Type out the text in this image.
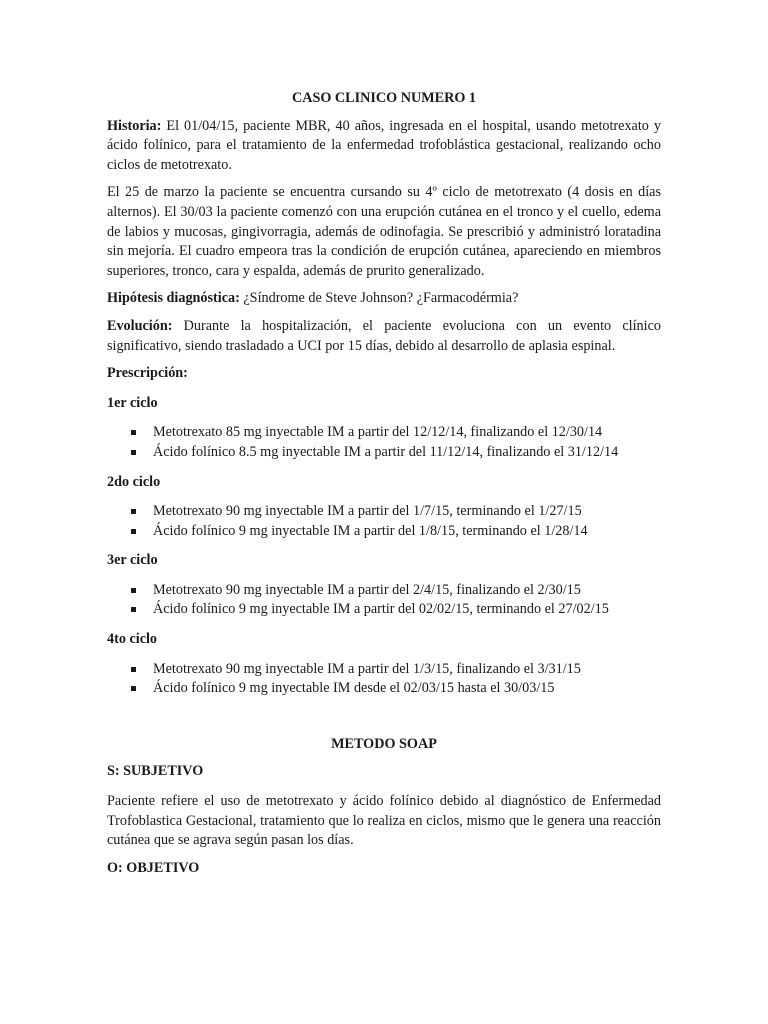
CASO CLINICO NUMERO 1

Historia: El 01/04/15, paciente MBR, 40 años, ingresada en el hospital, usando metotrexato y ácido folínico, para el tratamiento de la enfermedad trofoblástica gestacional, realizando ocho ciclos de metotrexato.

El 25 de marzo la paciente se encuentra cursando su 4º ciclo de metotrexato (4 dosis en días alternos). El 30/03 la paciente comenzó con una erupción cutánea en el tronco y el cuello, edema de labios y mucosas, gingivorragia, además de odinofagia. Se prescribió y administró loratadina sin mejoría. El cuadro empeora tras la condición de erupción cutánea, apareciendo en miembros superiores, tronco, cara y espalda, además de prurito generalizado.

Hipótesis diagnóstica: ¿Síndrome de Steve Johnson? ¿Farmacodérmia?

Evolución: Durante la hospitalización, el paciente evoluciona con un evento clínico significativo, siendo trasladado a UCI por 15 días, debido al desarrollo de aplasia espinal.

Prescripción:
1er ciclo
Metotrexato 85 mg inyectable IM a partir del 12/12/14, finalizando el 12/30/14
Ácido folínico 8.5 mg inyectable IM a partir del 11/12/14, finalizando el 31/12/14
2do ciclo
Metotrexato 90 mg inyectable IM a partir del 1/7/15, terminando el 1/27/15
Ácido folínico 9 mg inyectable IM a partir del 1/8/15, terminando el 1/28/14
3er ciclo
Metotrexato 90 mg inyectable IM a partir del 2/4/15, finalizando el 2/30/15
Ácido folínico 9 mg inyectable IM a partir del 02/02/15, terminando el 27/02/15
4to ciclo
Metotrexato 90 mg inyectable IM a partir del 1/3/15, finalizando el 3/31/15
Ácido folínico 9 mg inyectable IM desde el 02/03/15 hasta el 30/03/15
METODO SOAP
S: SUBJETIVO

Paciente refiere el uso de metotrexato y ácido folínico debido al diagnóstico de Enfermedad Trofoblastica Gestacional, tratamiento que lo realiza en ciclos, mismo que le genera una reacción cutánea que se agrava según pasan los días.

O: OBJETIVO
